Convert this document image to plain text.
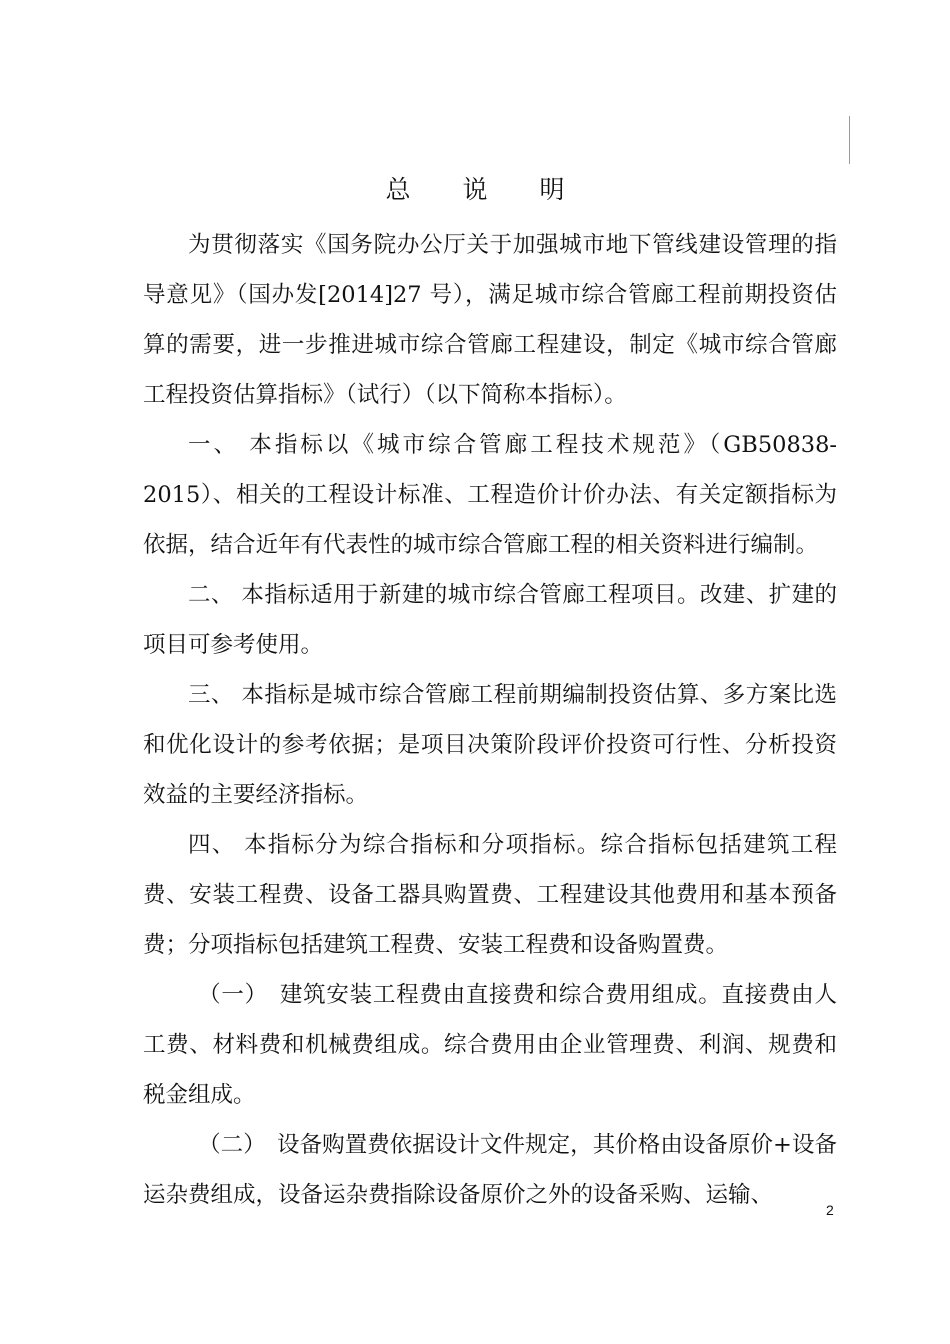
总 说 明

为贯彻落实《国务院办公厅关于加强城市地下管线建设管理的指导意见》（国办发[2014]27 号），满足城市综合管廊工程前期投资估算的需要，进一步推进城市综合管廊工程建设，制定《城市综合管廊工程投资估算指标》（试行）（以下简称本指标）。

一、 本指标以《城市综合管廊工程技术规范》（GB50838-2015）、相关的工程设计标准、工程造价计价办法、有关定额指标为依据，结合近年有代表性的城市综合管廊工程的相关资料进行编制。

二、 本指标适用于新建的城市综合管廊工程项目。改建、扩建的项目可参考使用。

三、 本指标是城市综合管廊工程前期编制投资估算、多方案比选和优化设计的参考依据；是项目决策阶段评价投资可行性、分析投资效益的主要经济指标。

四、 本指标分为综合指标和分项指标。综合指标包括建筑工程费、安装工程费、设备工器具购置费、工程建设其他费用和基本预备费；分项指标包括建筑工程费、安装工程费和设备购置费。

（一）　建筑安装工程费由直接费和综合费用组成。直接费由人工费、材料费和机械费组成。综合费用由企业管理费、利润、规费和税金组成。

（二）　设备购置费依据设计文件规定，其价格由设备原价+设备运杂费组成，设备运杂费指除设备原价之外的设备采购、运输、

2
